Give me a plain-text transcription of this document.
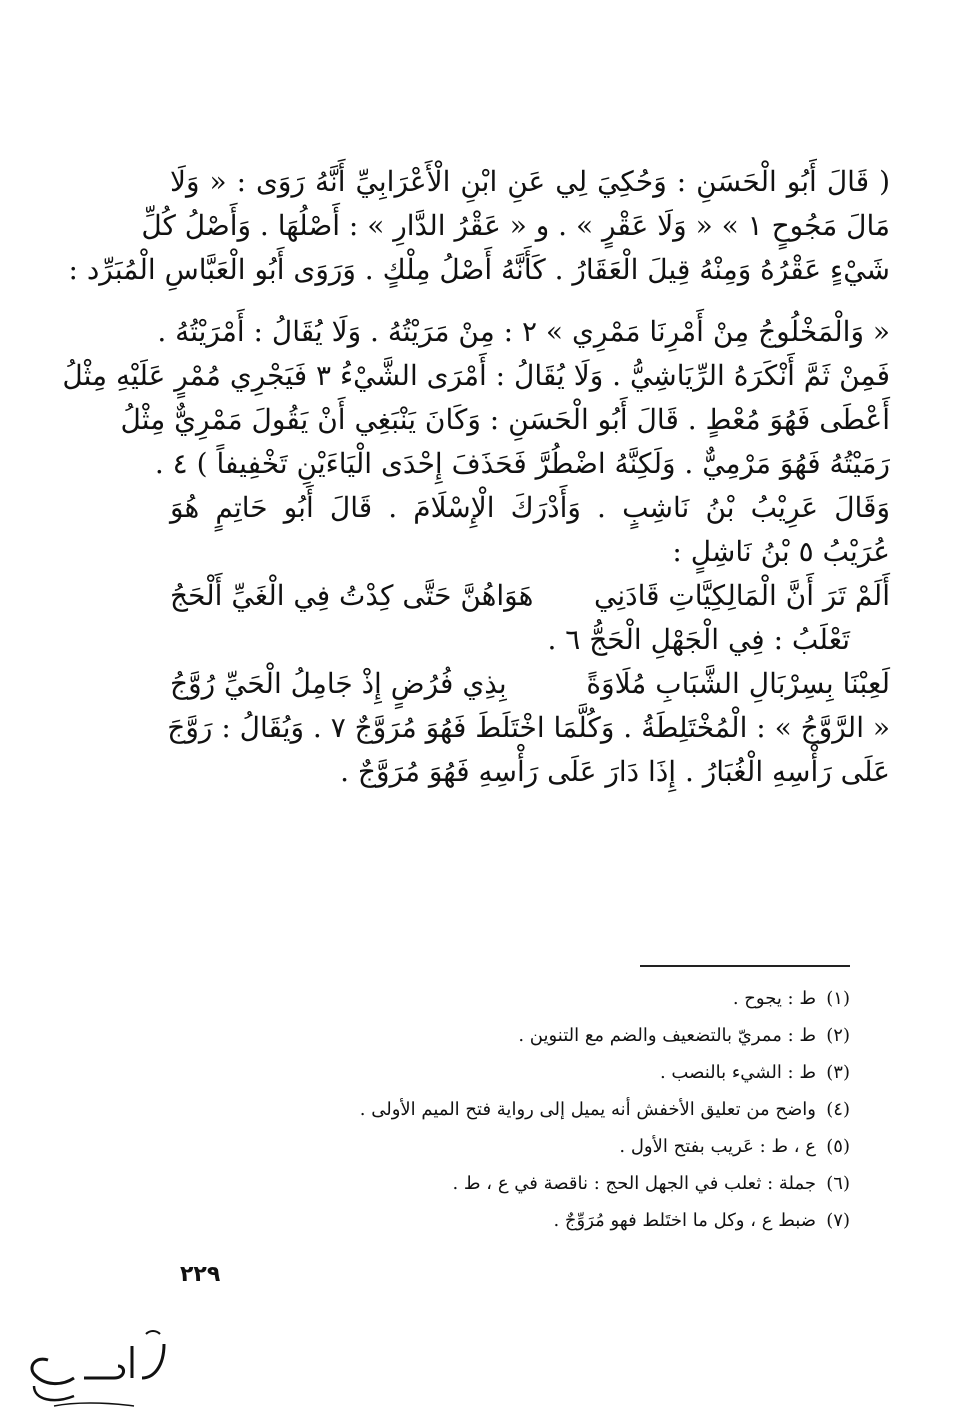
( قَالَ أَبُو الْحَسَنِ : وَحُكِيَ لِي عَنِ ابْنِ الْأَعْرَابِيِّ أَنَّهُ رَوَى : « وَلَا
مَالَ مَجُوحٍ ١ » « وَلَا عَقْرٍ » . و « عَقْرُ الدَّارِ » : أَصْلُهَا . وَأَصْلُ كُلِّ
شَيْءٍ عَقْرُهُ وَمِنْهُ قِيلَ الْعَقَارُ . كَأَنَّهُ أَصْلُ مِلْكٍ . وَرَوَى أَبُو الْعَبَّاسِ الْمُبَرِّد :
« وَالْمَخْلُوجُ مِنْ أَمْرِنَا مَمْرِي » ٢ : مِنْ مَرَيْتُهُ . وَلَا يُقَالُ : أَمْرَيْتُهُ .
فَمِنْ ثَمَّ أَنْكَرَهُ الرِّيَاشِيُّ . وَلَا يُقَالُ : أَمْرَى الشَّيْءُ ٣ فَيَجْرِي مُمْرٍ عَلَيْهِ مِثْلُ
أَعْطَى فَهُوَ مُعْطٍ . قَالَ أَبُو الْحَسَنِ : وَكَانَ يَنْبَغِي أَنْ يَقُولَ مَمْرِيٌّ مِثْلُ
رَمَيْتُهُ فَهُوَ مَرْمِيٌّ . وَلَكِنَّهُ اضْطُرَّ فَحَذَفَ إِحْدَى الْيَاءَيْنِ تَخْفِيفاً ) ٤ .
وَقَالَ عَرِيْبُ بْنُ نَاشِبٍ . وَأَدْرَكَ الْإِسْلَامَ . قَالَ أَبُو حَاتِمٍ هُوَ
عُرَيْبُ ٥ بْنُ نَاشِلٍ :
أَلَمْ تَرَ أَنَّ الْمَالِكِيَّاتِ قَادَنِي
هَوَاهُنَّ حَتَّى كِدْتُ فِي الْغَيِّ أَلْحَجُ
تَعْلَبُ : فِي الْجَهْلِ الْحَجُّ ٦ .
لَعِبْنَا بِسِرْبَالِ الشَّبَابِ مُلَاوَةً
بِذِي فُرُضٍ إِذْ جَامِلُ الْحَيِّ رُوَّجُ
« الرَّوَّجُ » : الْمُخْتَلِطَةُ . وَكُلَّمَا اخْتَلَطَ فَهُوَ مُرَوَّجٌ ٧ . وَيُقَالُ : رَوَّجَ
عَلَى رَأْسِهِ الْغُبَارُ . إِذَا دَارَ عَلَى رَأْسِهِ فَهُوَ مُرَوَّجٌ .
(١)ط : يجوح .
(٢)ط : ممريّ بالتضعيف والضم مع التنوين .
(٣)ط : الشيء بالنصب .
(٤)واضح من تعليق الأخفش أنه يميل إلى رواية فتح الميم الأولى .
(٥)ع ، ط : عَريب بفتح الأول .
(٦)جملة : ثعلب في الجهل الحج : ناقصة في ع ، ط .
(٧)ضبط ع ، وكل ما اختَلط فهو مُرَوِّجٌ .
٢٢٩
